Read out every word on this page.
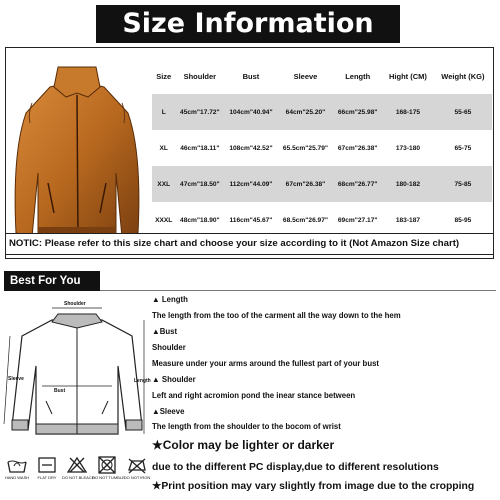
Size Information
Size	Shoulder	Bust	Sleeve	Length	Hight (CM)	Weight (KG)
L	45cm"17.72"	104cm"40.94"	64cm"25.20"	66cm"25.98"	168-175	55-65
XL	46cm"18.11"	108cm"42.52"	65.5cm"25.79"	67cm"26.38"	173-180	65-75
XXL	47cm"18.50"	112cm"44.09"	67cm"26.38"	68cm"26.77"	180-182	75-85
XXXL	48cm"18.90"	116cm"45.67"	68.5cm"26.97"	69cm"27.17"	183-187	85-95
NOTIC: Please refer to this size chart and choose your size according to it (Not Amazon Size chart)
Best For You
Shoulder
Sleeve
Bust
Length
▲ Length
The length from the too of the carment all the way down to the hem
▲Bust
Shoulder
Measure under your arms around the fullest part of your bust
▲ Shoulder
Left and right acromion pond the inear stance between
▲Sleeve
The length from the shoulder to the bocom of wrist
★Color may be lighter or darker
due to the different PC display,due to different resolutions
★Print position may vary slightly from image due to the cropping
HAND WASH	FLAT DRY	DO NOT BLEACH
DO NOT TUMBLE
DO NOT IRON
